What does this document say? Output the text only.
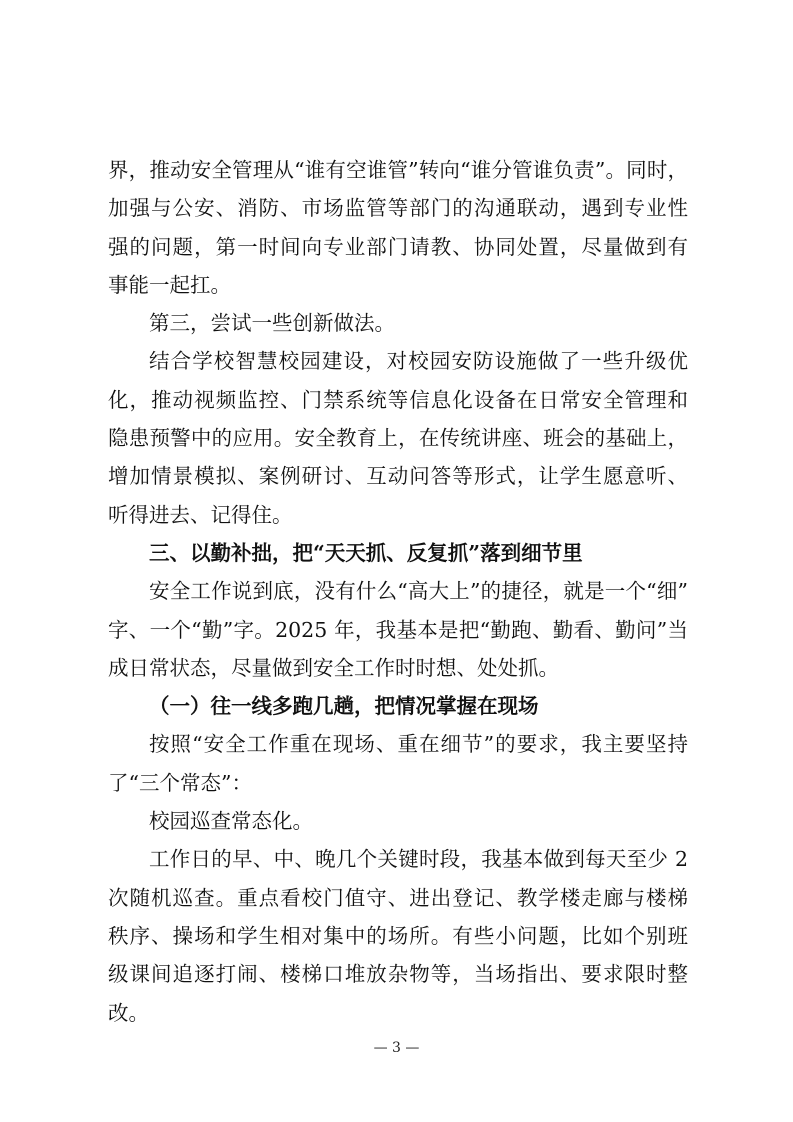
界，推动安全管理从“谁有空谁管”转向“谁分管谁负责”。同时，
加强与公安、消防、市场监管等部门的沟通联动，遇到专业性
强的问题，第一时间向专业部门请教、协同处置，尽量做到有
事能一起扛。
第三，尝试一些创新做法。
结合学校智慧校园建设，对校园安防设施做了一些升级优
化，推动视频监控、门禁系统等信息化设备在日常安全管理和
隐患预警中的应用。安全教育上，在传统讲座、班会的基础上，
增加情景模拟、案例研讨、互动问答等形式，让学生愿意听、
听得进去、记得住。
三、以勤补拙，把“天天抓、反复抓”落到细节里
安全工作说到底，没有什么“高大上”的捷径，就是一个“细”
字、一个“勤”字。2025 年，我基本是把“勤跑、勤看、勤问”当
成日常状态，尽量做到安全工作时时想、处处抓。
（一）往一线多跑几趟，把情况掌握在现场
按照“安全工作重在现场、重在细节”的要求，我主要坚持
了“三个常态”：
校园巡查常态化。
工作日的早、中、晚几个关键时段，我基本做到每天至少 2
次随机巡查。重点看校门值守、进出登记、教学楼走廊与楼梯
秩序、操场和学生相对集中的场所。有些小问题，比如个别班
级课间追逐打闹、楼梯口堆放杂物等，当场指出、要求限时整
改。
— 3 —
